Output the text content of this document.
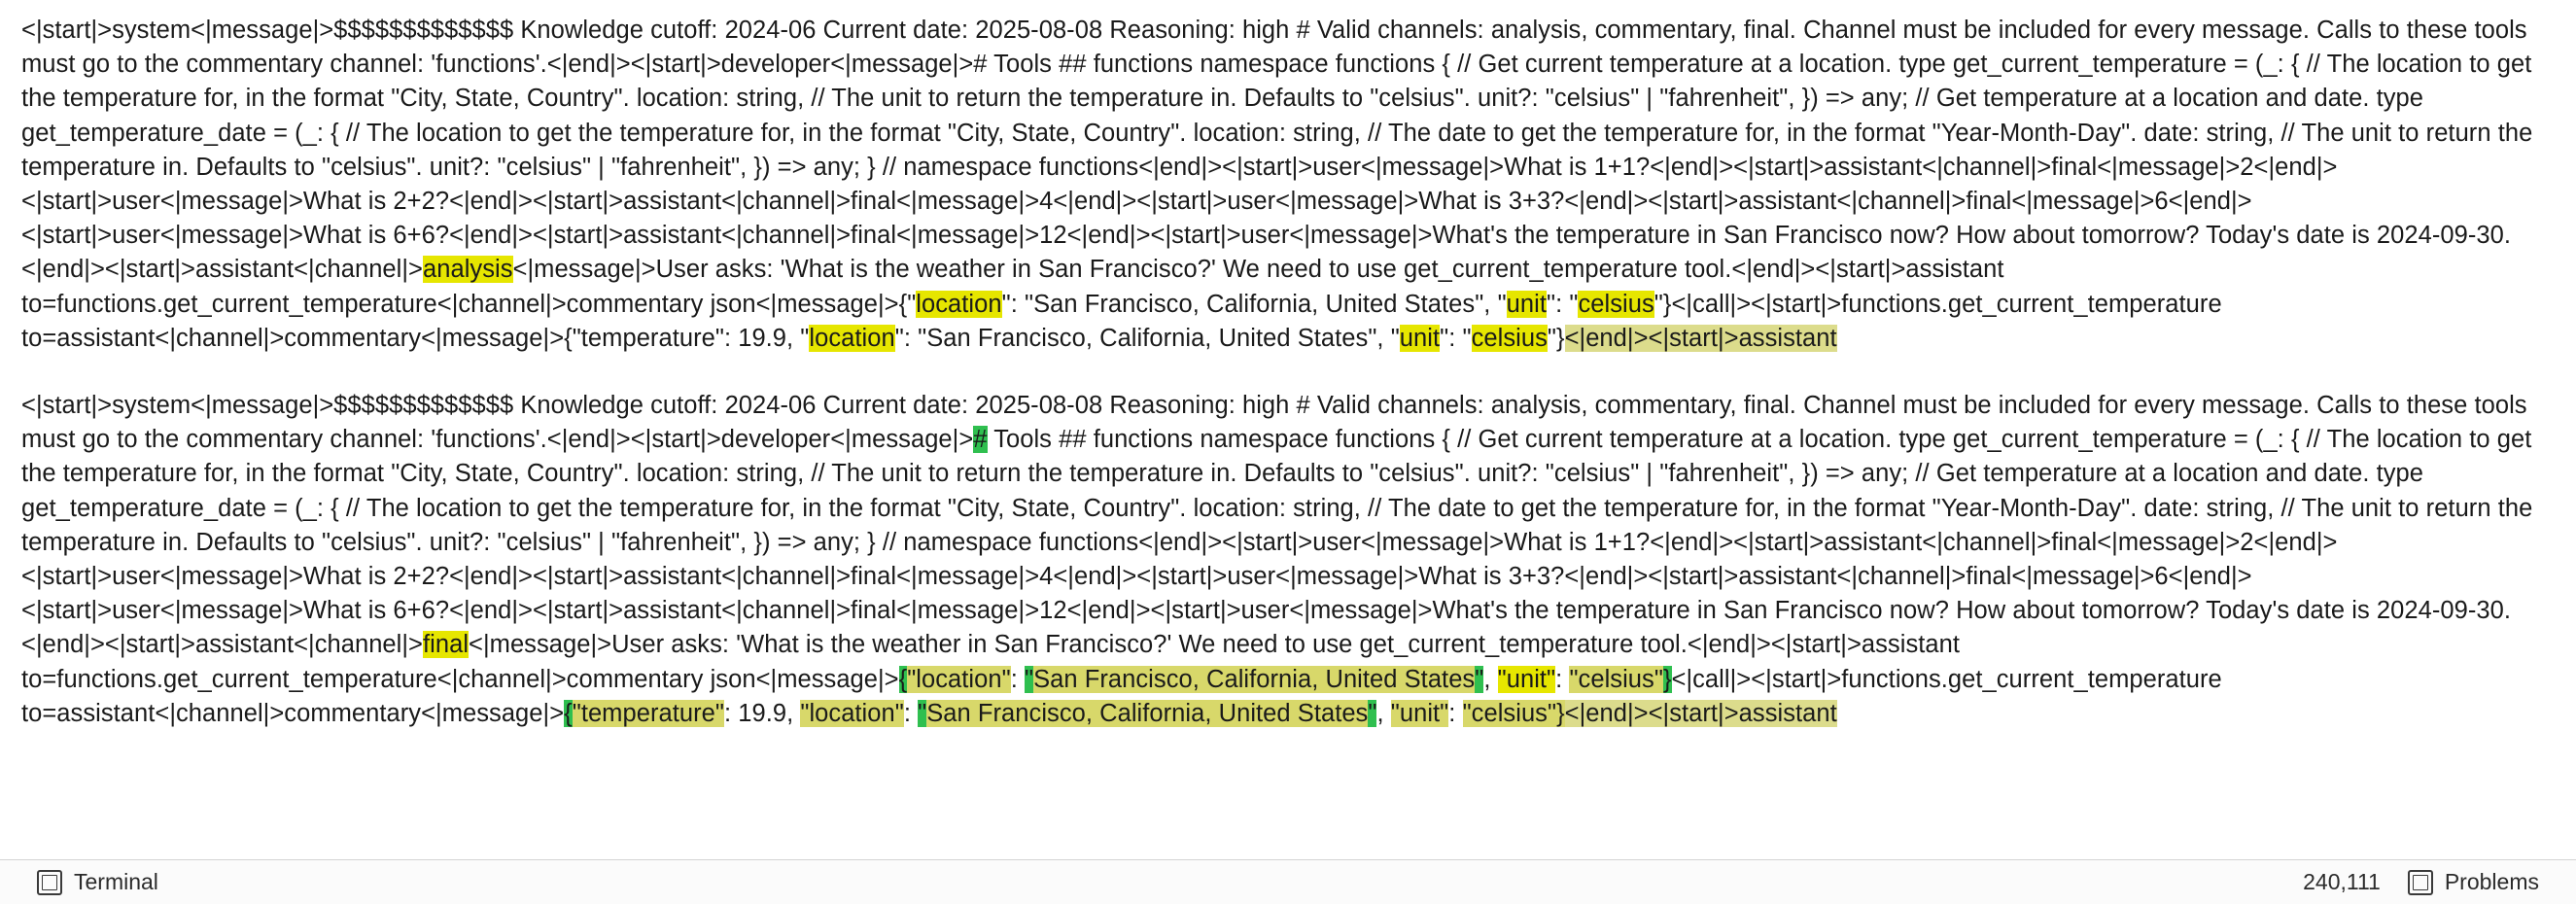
<|start|>system<|message|>$$$$$$$$$$$$$ Knowledge cutoff: 2024-06 Current date: 2025-08-08 Reasoning: high # Valid channels: analysis, commentary, final. Channel must be included for every message. Calls to these tools must go to the commentary channel: 'functions'.<|end|><|start|>developer<|message|># Tools ## functions namespace functions { // Get current temperature at a location. type get_current_temperature = (_: { // The location to get the temperature for, in the format "City, State, Country". location: string, // The unit to return the temperature in. Defaults to "celsius". unit?: "celsius" | "fahrenheit", }) => any; // Get temperature at a location and date. type get_temperature_date = (_: { // The location to get the temperature for, in the format "City, State, Country". location: string, // The date to get the temperature for, in the format "Year-Month-Day". date: string, // The unit to return the temperature in. Defaults to "celsius". unit?: "celsius" | "fahrenheit", }) => any; } // namespace functions<|end|><|start|>user<|message|>What is 1+1?<|end|><|start|>assistant<|channel|>final<|message|>2<|end|><|start|>user<|message|>What is 2+2?<|end|><|start|>assistant<|channel|>final<|message|>4<|end|><|start|>user<|message|>What is 3+3?<|end|><|start|>assistant<|channel|>final<|message|>6<|end|><|start|>user<|message|>What is 6+6?<|end|><|start|>assistant<|channel|>final<|message|>12<|end|><|start|>user<|message|>What's the temperature in San Francisco now? How about tomorrow? Today's date is 2024-09-30.<|end|><|start|>assistant<|channel|>analysis<|message|>User asks: 'What is the weather in San Francisco?' We need to use get_current_temperature tool.<|end|><|start|>assistant to=functions.get_current_temperature<|channel|>commentary json<|message|>{"location": "San Francisco, California, United States", "unit": "celsius"}<|call|><|start|>functions.get_current_temperature to=assistant<|channel|>commentary<|message|>{"temperature": 19.9, "location": "San Francisco, California, United States", "unit": "celsius"}<|end|><|start|>assistant
<|start|>system<|message|>$$$$$$$$$$$$$ Knowledge cutoff: 2024-06 Current date: 2025-08-08 Reasoning: high # Valid channels: analysis, commentary, final. Channel must be included for every message. Calls to these tools must go to the commentary channel: 'functions'.<|end|><|start|>developer<|message|># Tools ## functions namespace functions { // Get current temperature at a location. type get_current_temperature = (_: { // The location to get the temperature for, in the format "City, State, Country". location: string, // The unit to return the temperature in. Defaults to "celsius". unit?: "celsius" | "fahrenheit", }) => any; // Get temperature at a location and date. type get_temperature_date = (_: { // The location to get the temperature for, in the format "City, State, Country". location: string, // The date to get the temperature for, in the format "Year-Month-Day". date: string, // The unit to return the temperature in. Defaults to "celsius". unit?: "celsius" | "fahrenheit", }) => any; } // namespace functions<|end|><|start|>user<|message|>What is 1+1?<|end|><|start|>assistant<|channel|>final<|message|>2<|end|><|start|>user<|message|>What is 2+2?<|end|><|start|>assistant<|channel|>final<|message|>4<|end|><|start|>user<|message|>What is 3+3?<|end|><|start|>assistant<|channel|>final<|message|>6<|end|><|start|>user<|message|>What is 6+6?<|end|><|start|>assistant<|channel|>final<|message|>12<|end|><|start|>user<|message|>What's the temperature in San Francisco now? How about tomorrow? Today's date is 2024-09-30.<|end|><|start|>assistant<|channel|>final<|message|>User asks: 'What is the weather in San Francisco?' We need to use get_current_temperature tool.<|end|><|start|>assistant to=functions.get_current_temperature<|channel|>commentary json<|message|>{"location": "San Francisco, California, United States", "unit": "celsius"}<|call|><|start|>functions.get_current_temperature to=assistant<|channel|>commentary<|message|>{"temperature": 19.9, "location": "San Francisco, California, United States", "unit": "celsius"}<|end|><|start|>assistant
Terminal	240,111	Problems
